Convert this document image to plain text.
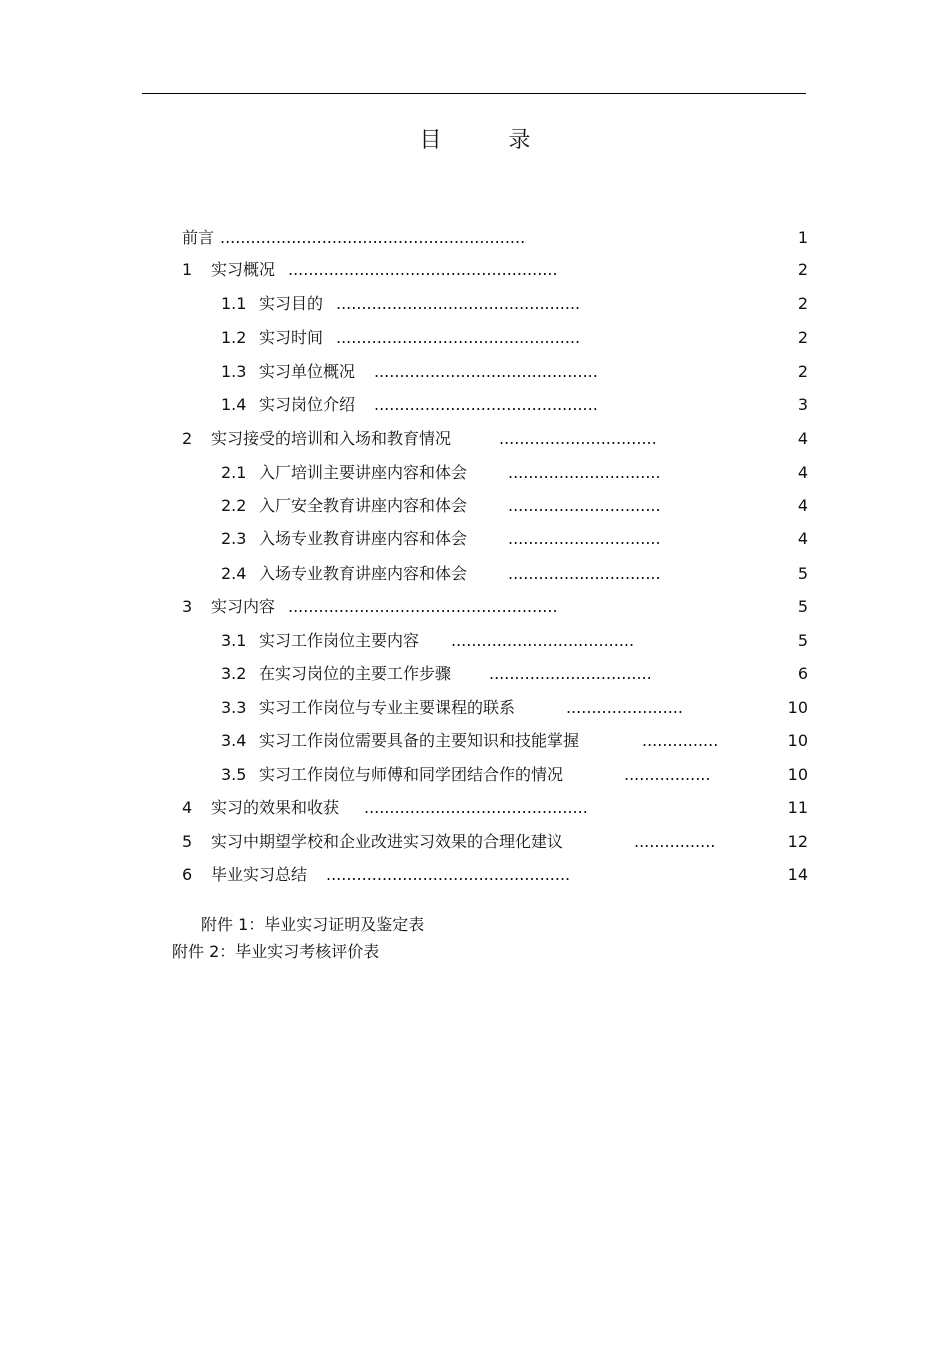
目 录
前言 ............................................................	1
1 实习概况 .....................................................	2
1.1 实习目的 ................................................	2
1.2 实习时间 ................................................	2
1.3 实习单位概况 ............................................	2
1.4 实习岗位介绍 ............................................	3
2 实习接受的培训和入场和教育情况	...............................	4
2.1 入厂培训主要讲座内容和体会	..............................	4
2.2 入厂安全教育讲座内容和体会	..............................	4
2.3 入场专业教育讲座内容和体会	..............................	4
2.4 入场专业教育讲座内容和体会	..............................	5
3 实习内容 .....................................................	5
3.1 实习工作岗位主要内容 ....................................	5
3.2 在实习岗位的主要工作步骤 ................................	6
3.3 实习工作岗位与专业主要课程的联系	.......................	10
3.4 实习工作岗位需要具备的主要知识和技能掌握	...............	10
3.5 实习工作岗位与师傅和同学团结合作的情况	.................	10
4 实习的效果和收获 ............................................	11
5 实习中期望学校和企业改进实习效果的合理化建议	................	12
6 毕业实习总结 ................................................	14
附件 1：毕业实习证明及鉴定表
附件 2：毕业实习考核评价表
